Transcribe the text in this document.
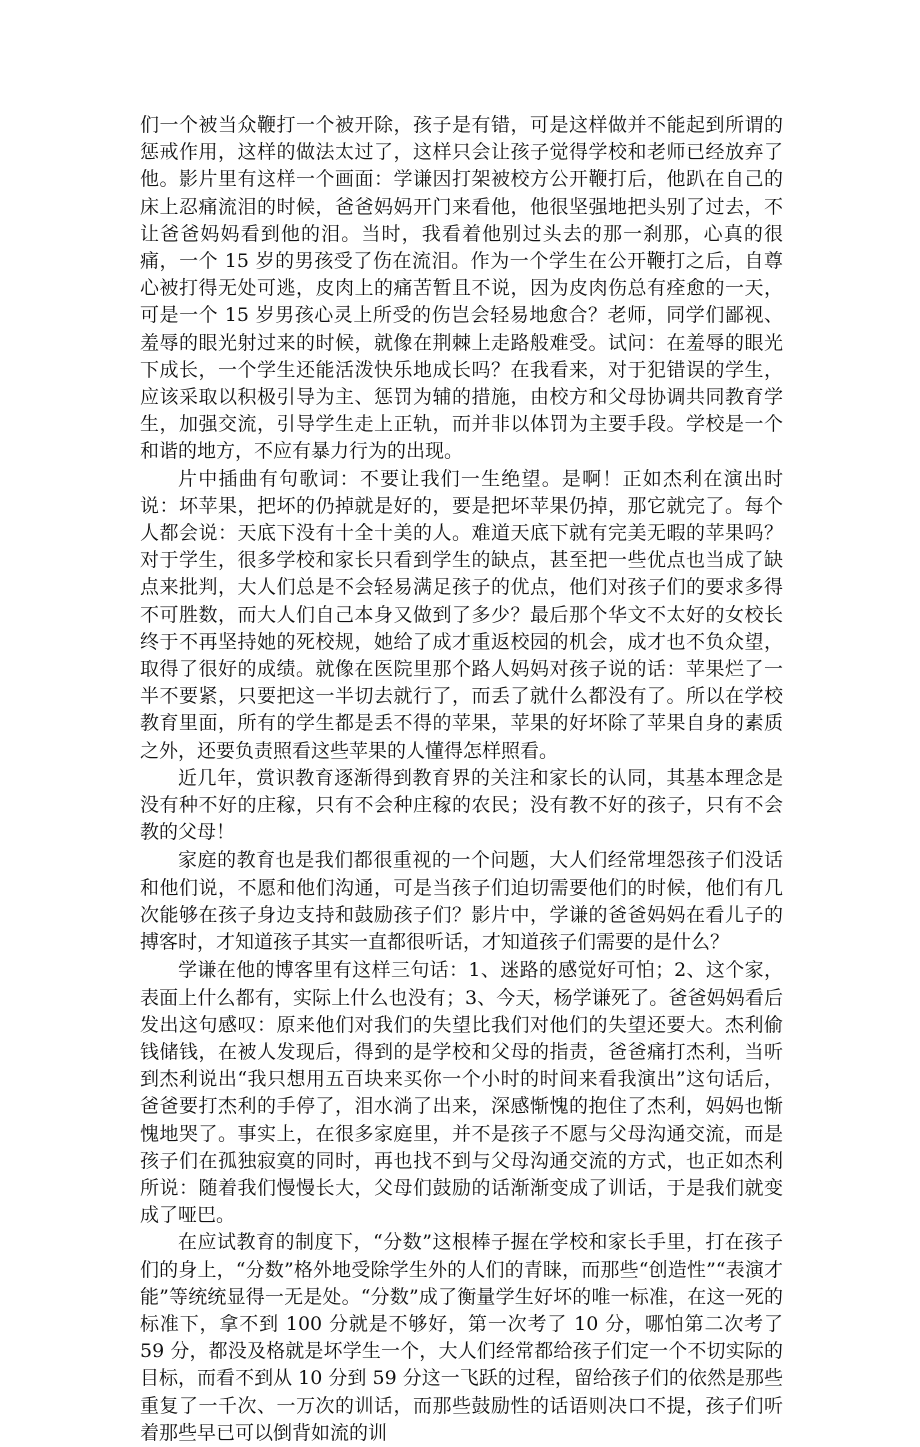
们一个被当众鞭打一个被开除，孩子是有错，可是这样做并不能起到所谓的惩戒作用，这样的做法太过了，这样只会让孩子觉得学校和老师已经放弃了他。影片里有这样一个画面：学谦因打架被校方公开鞭打后，他趴在自己的床上忍痛流泪的时候，爸爸妈妈开门来看他，他很坚强地把头别了过去，不让爸爸妈妈看到他的泪。当时，我看着他别过头去的那一刹那，心真的很痛，一个 15 岁的男孩受了伤在流泪。作为一个学生在公开鞭打之后，自尊心被打得无处可逃，皮肉上的痛苦暂且不说，因为皮肉伤总有痊愈的一天，可是一个 15 岁男孩心灵上所受的伤岂会轻易地愈合？老师，同学们鄙视、羞辱的眼光射过来的时候，就像在荆棘上走路般难受。试问：在羞辱的眼光下成长，一个学生还能活泼快乐地成长吗？在我看来，对于犯错误的学生，应该采取以积极引导为主、惩罚为辅的措施，由校方和父母协调共同教育学生，加强交流，引导学生走上正轨，而并非以体罚为主要手段。学校是一个和谐的地方，不应有暴力行为的出现。

片中插曲有句歌词：不要让我们一生绝望。是啊！正如杰利在演出时说：坏苹果，把坏的仍掉就是好的，要是把坏苹果仍掉，那它就完了。每个人都会说：天底下没有十全十美的人。难道天底下就有完美无暇的苹果吗？对于学生，很多学校和家长只看到学生的缺点，甚至把一些优点也当成了缺点来批判，大人们总是不会轻易满足孩子的优点，他们对孩子们的要求多得不可胜数，而大人们自己本身又做到了多少？最后那个华文不太好的女校长终于不再坚持她的死校规，她给了成才重返校园的机会，成才也不负众望，取得了很好的成绩。就像在医院里那个路人妈妈对孩子说的话：苹果烂了一半不要紧，只要把这一半切去就行了，而丢了就什么都没有了。所以在学校教育里面，所有的学生都是丢不得的苹果，苹果的好坏除了苹果自身的素质之外，还要负责照看这些苹果的人懂得怎样照看。

近几年，赏识教育逐渐得到教育界的关注和家长的认同，其基本理念是没有种不好的庄稼，只有不会种庄稼的农民；没有教不好的孩子，只有不会教的父母！

家庭的教育也是我们都很重视的一个问题，大人们经常埋怨孩子们没话和他们说，不愿和他们沟通，可是当孩子们迫切需要他们的时候，他们有几次能够在孩子身边支持和鼓励孩子们？影片中，学谦的爸爸妈妈在看儿子的搏客时，才知道孩子其实一直都很听话，才知道孩子们需要的是什么？

学谦在他的博客里有这样三句话：1、迷路的感觉好可怕；2、这个家，表面上什么都有，实际上什么也没有；3、今天，杨学谦死了。爸爸妈妈看后发出这句感叹：原来他们对我们的失望比我们对他们的失望还要大。杰利偷钱储钱，在被人发现后，得到的是学校和父母的指责，爸爸痛打杰利，当听到杰利说出“我只想用五百块来买你一个小时的时间来看我演出”这句话后，爸爸要打杰利的手停了，泪水淌了出来，深感惭愧的抱住了杰利，妈妈也惭愧地哭了。事实上，在很多家庭里，并不是孩子不愿与父母沟通交流，而是孩子们在孤独寂寞的同时，再也找不到与父母沟通交流的方式，也正如杰利所说：随着我们慢慢长大，父母们鼓励的话渐渐变成了训话，于是我们就变成了哑巴。

在应试教育的制度下，“分数”这根棒子握在学校和家长手里，打在孩子们的身上，“分数”格外地受除学生外的人们的青睐，而那些“创造性”“表演才能”等统统显得一无是处。“分数”成了衡量学生好坏的唯一标准，在这一死的标准下，拿不到 100 分就是不够好，第一次考了 10 分，哪怕第二次考了 59 分，都没及格就是坏学生一个，大人们经常都给孩子们定一个不切实际的目标，而看不到从 10 分到 59 分这一飞跃的过程，留给孩子们的依然是那些重复了一千次、一万次的训话，而那些鼓励性的话语则决口不提，孩子们听着那些早已可以倒背如流的训
